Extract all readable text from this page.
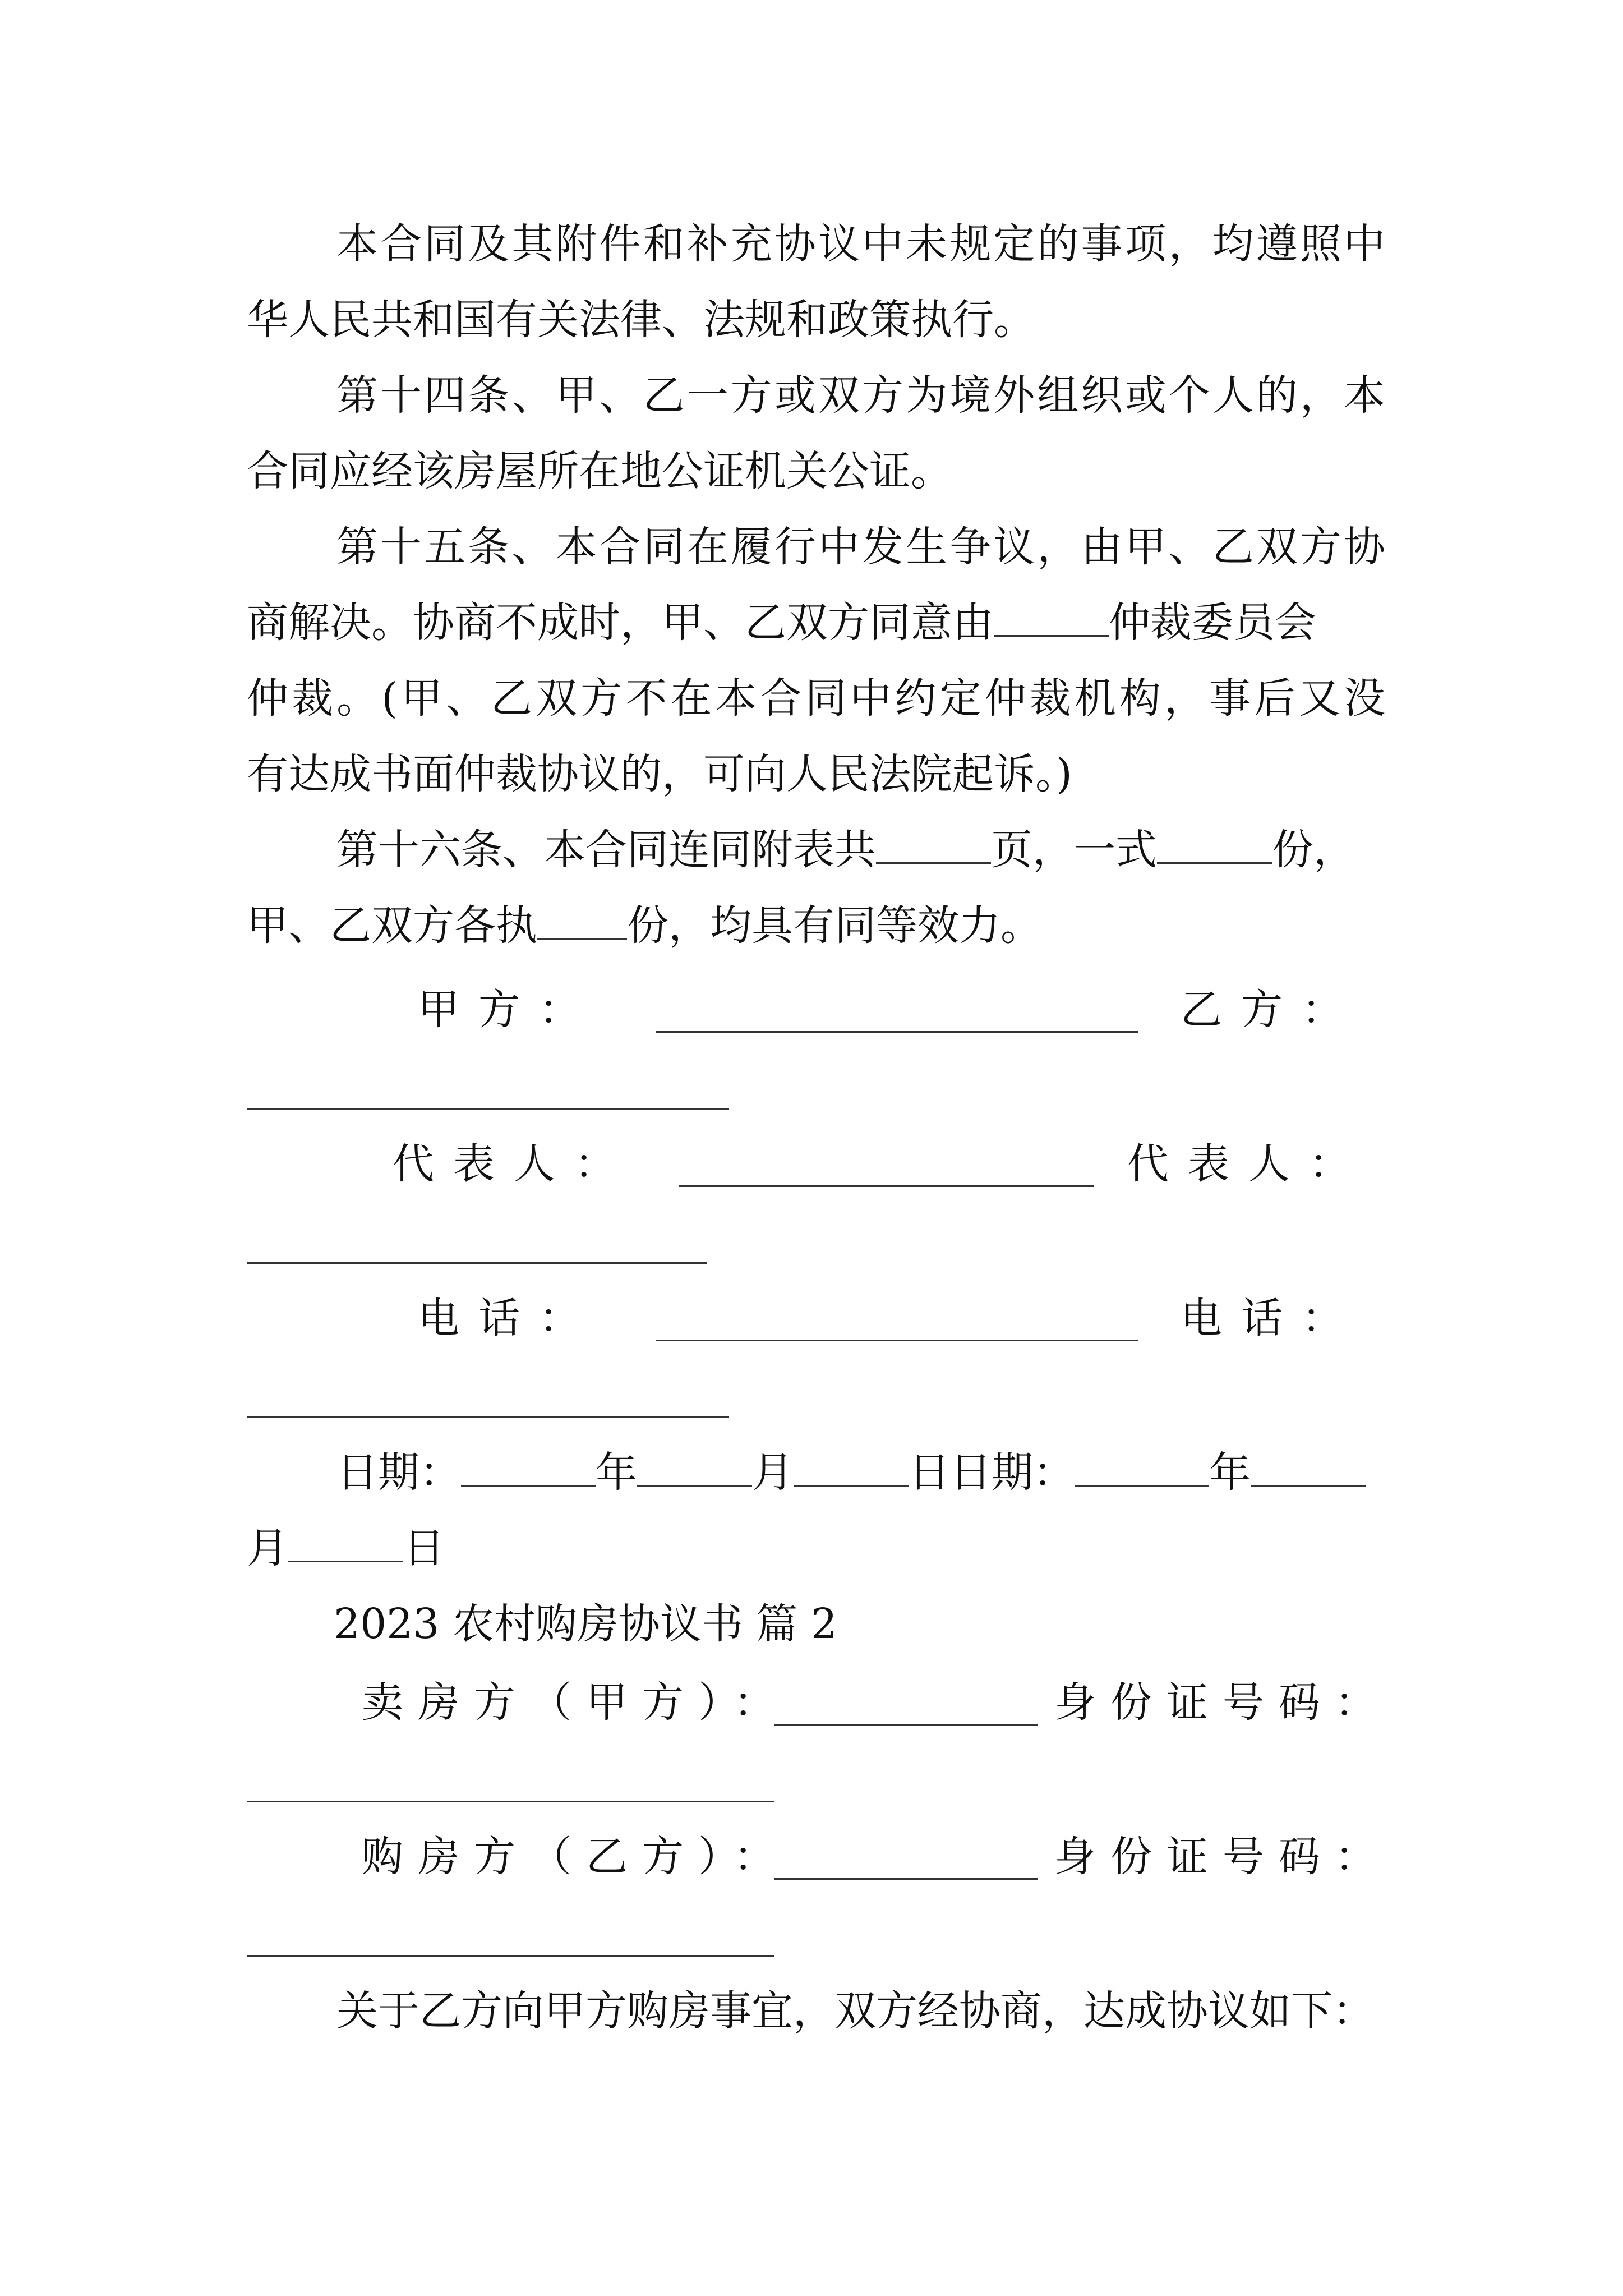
本合同及其附件和补充协议中未规定的事项，均遵照中
华人民共和国有关法律、法规和政策执行。
第十四条、甲、乙一方或双方为境外组织或个人的，本
合同应经该房屋所在地公证机关公证。
第十五条、本合同在履行中发生争议，由甲、乙双方协
商解决。协商不成时，甲、乙双方同意由	仲裁委员会
仲裁。(甲、乙双方不在本合同中约定仲裁机构，事后又没
有达成书面仲裁协议的，可向人民法院起诉。)
第十六条、本合同连同附表共	页，一式	份，
甲、乙双方各执 份，均具有同等效力。
甲方：	乙方：
代表人：	代表人：
电话：	电话：
日期：	年	月	日日期：	年
月	日
2023 农村购房协议书 篇 2
卖房方（甲方）：	身份证号码：
购房方（乙方）：	身份证号码：
关于乙方向甲方购房事宜，双方经协商，达成协议如下：
